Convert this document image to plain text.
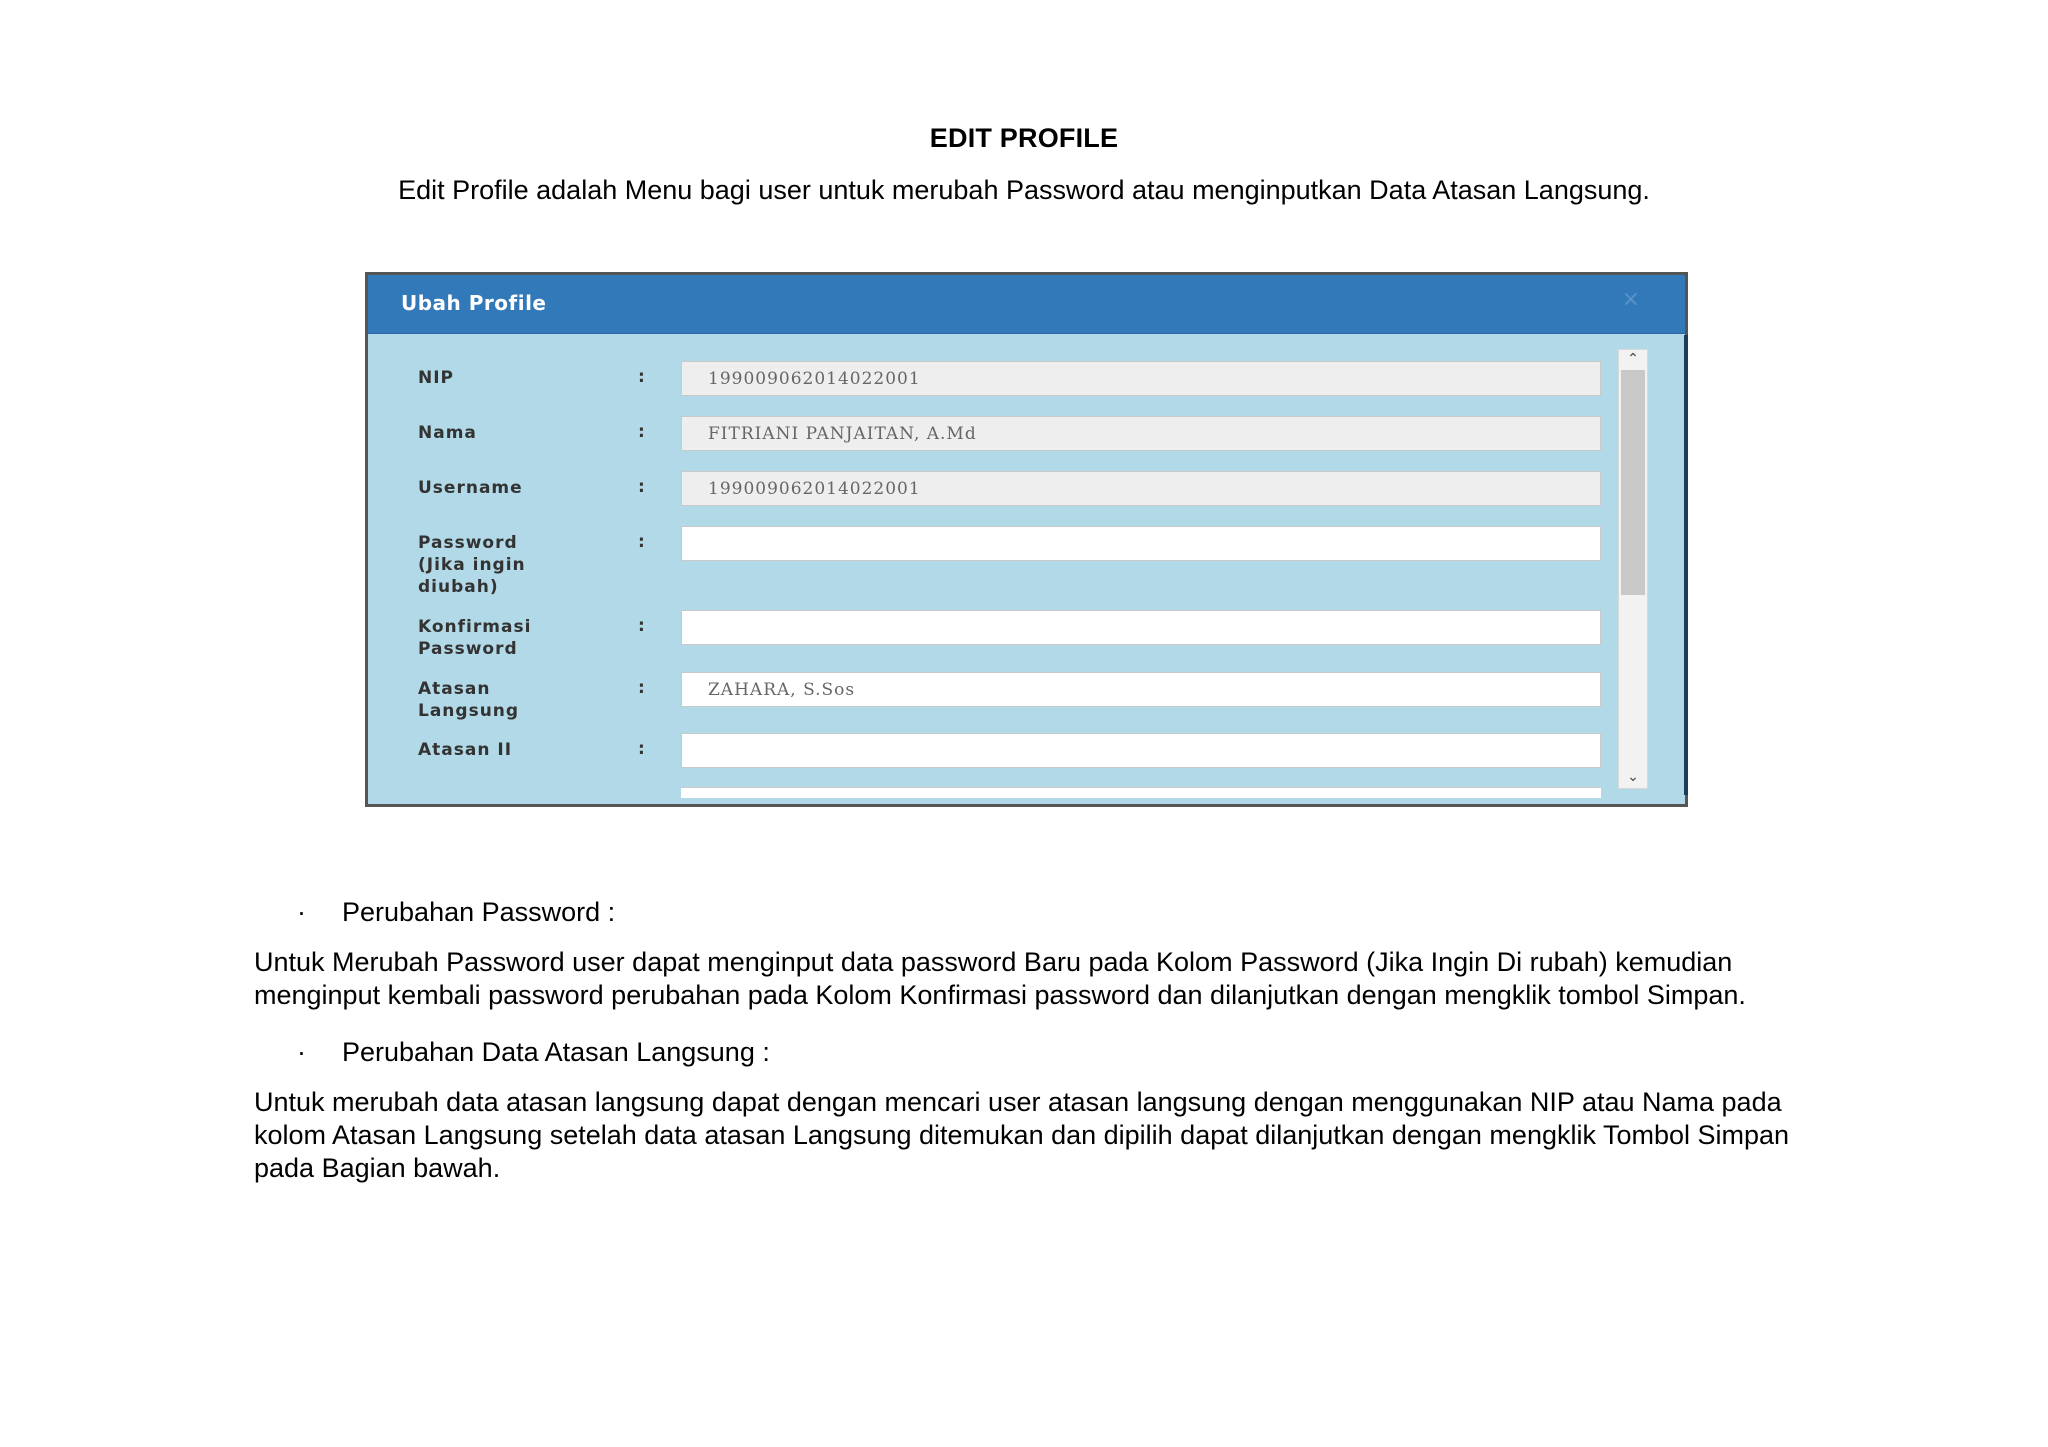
EDIT PROFILE
Edit Profile adalah Menu bagi user untuk merubah Password atau menginputkan Data Atasan Langsung.
Ubah Profile	×
NIP	:	199009062014022001
Nama	:	FITRIANI PANJAITAN, A.Md
Username	:	199009062014022001
Password
(Jika ingin
diubah)
:
Konfirmasi
Password
:
Atasan
Langsung
:	ZAHARA, S.Sos
Atasan II	:
⌃
⌄
· Perubahan Password :
Untuk Merubah Password user dapat menginput data password Baru pada Kolom Password (Jika Ingin Di rubah) kemudian menginput kembali password perubahan pada Kolom Konfirmasi password dan dilanjutkan dengan mengklik tombol Simpan.
· Perubahan Data Atasan Langsung :
Untuk merubah data atasan langsung dapat dengan mencari user atasan langsung dengan menggunakan NIP atau Nama pada kolom Atasan Langsung setelah data atasan Langsung ditemukan dan dipilih dapat dilanjutkan dengan mengklik Tombol Simpan pada Bagian bawah.
